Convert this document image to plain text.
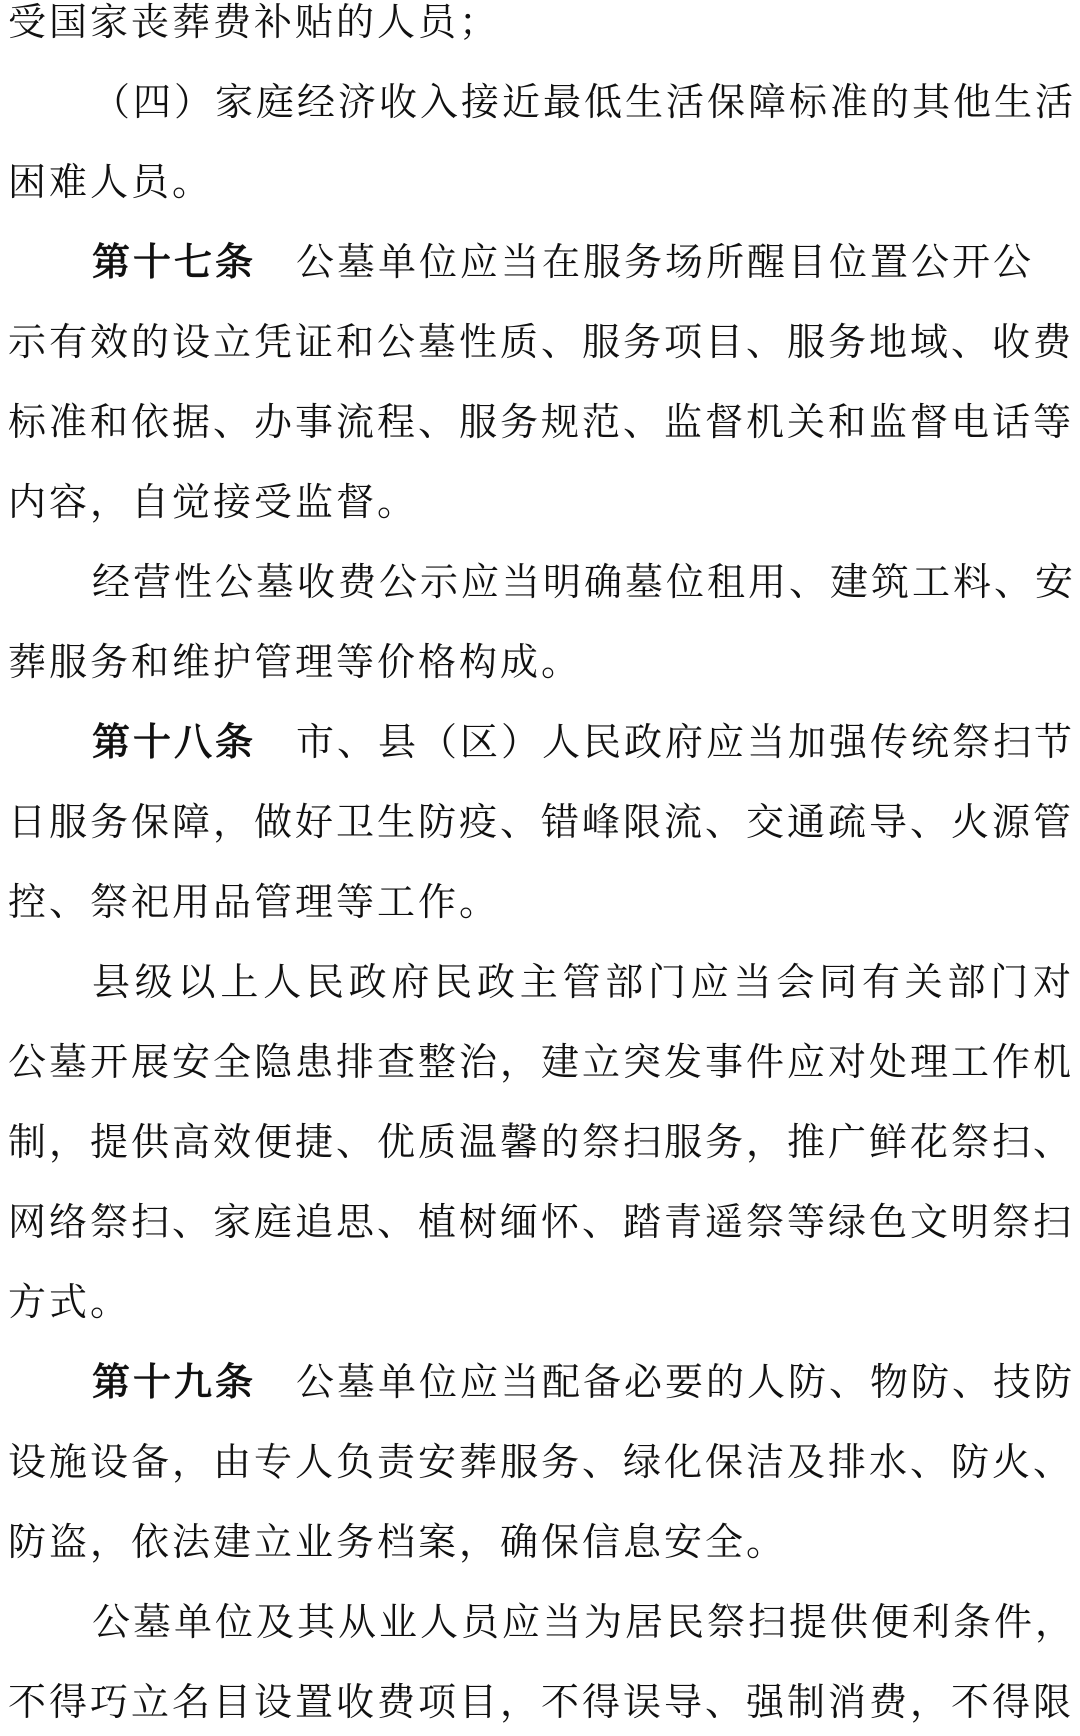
受国家丧葬费补贴的人员；
（四）家庭经济收入接近最低生活保障标准的其他生活
困难人员。
第十七条 公墓单位应当在服务场所醒目位置公开公
示有效的设立凭证和公墓性质、服务项目、服务地域、收费
标准和依据、办事流程、服务规范、监督机关和监督电话等
内容，自觉接受监督。
经营性公墓收费公示应当明确墓位租用、建筑工料、安
葬服务和维护管理等价格构成。
第十八条 市、县（区）人民政府应当加强传统祭扫节
日服务保障，做好卫生防疫、错峰限流、交通疏导、火源管
控、祭祀用品管理等工作。
县级以上人民政府民政主管部门应当会同有关部门对
公墓开展安全隐患排查整治，建立突发事件应对处理工作机
制，提供高效便捷、优质温馨的祭扫服务，推广鲜花祭扫、
网络祭扫、家庭追思、植树缅怀、踏青遥祭等绿色文明祭扫
方式。
第十九条 公墓单位应当配备必要的人防、物防、技防
设施设备，由专人负责安葬服务、绿化保洁及排水、防火、
防盗，依法建立业务档案，确保信息安全。
公墓单位及其从业人员应当为居民祭扫提供便利条件，
不得巧立名目设置收费项目，不得误导、强制消费，不得限
